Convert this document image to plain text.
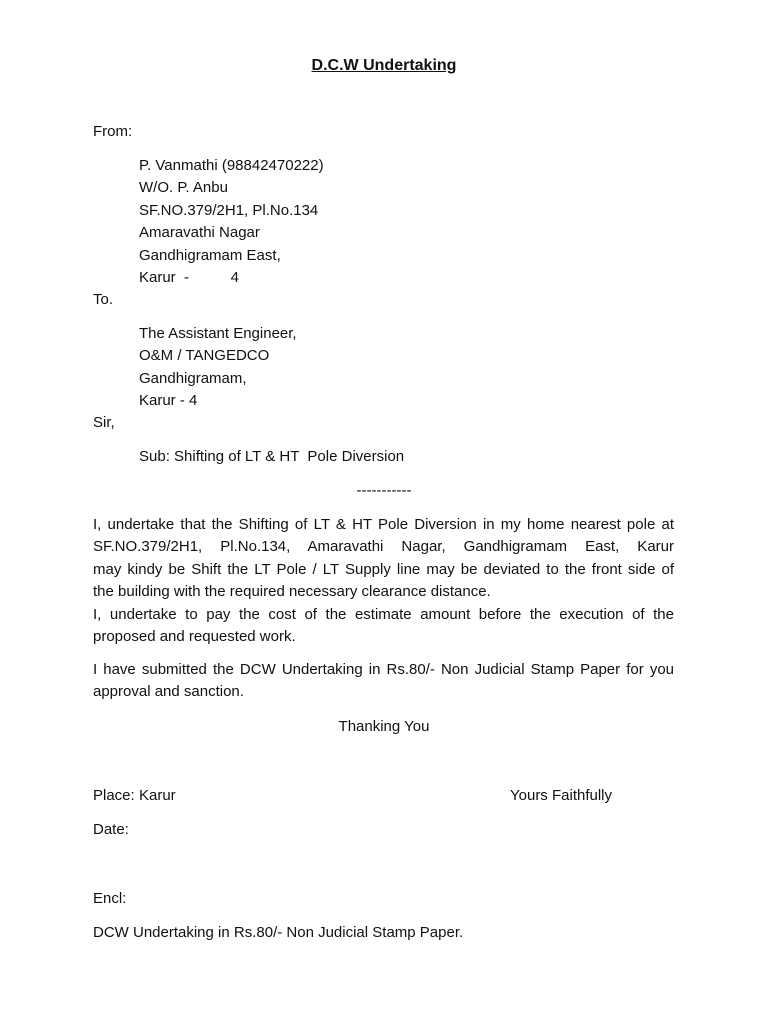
D.C.W Undertaking
From:
P. Vanmathi (98842470222)
W/O. P. Anbu
SF.NO.379/2H1, Pl.No.134
Amaravathi Nagar
Gandhigramam East,
Karur  -          4
To.
The Assistant Engineer,
O&M / TANGEDCO
Gandhigramam,
Karur - 4
Sir,
Sub: Shifting of LT & HT  Pole Diversion
-----------
I, undertake that the Shifting of LT & HT Pole Diversion in my home nearest pole at
SF.NO.379/2H1, Pl.No.134, Amaravathi Nagar, Gandhigramam East, Karur
may kindy be Shift the LT Pole / LT Supply line may be deviated to the front side of
the building with the required necessary clearance distance.
I, undertake to pay the cost of the estimate amount before the execution of the
proposed and requested work.
I have submitted the DCW Undertaking in Rs.80/- Non Judicial Stamp Paper for you
approval and sanction.
Thanking You
Place: Karur	Yours Faithfully
Date:
Encl:
DCW Undertaking in Rs.80/- Non Judicial Stamp Paper.
